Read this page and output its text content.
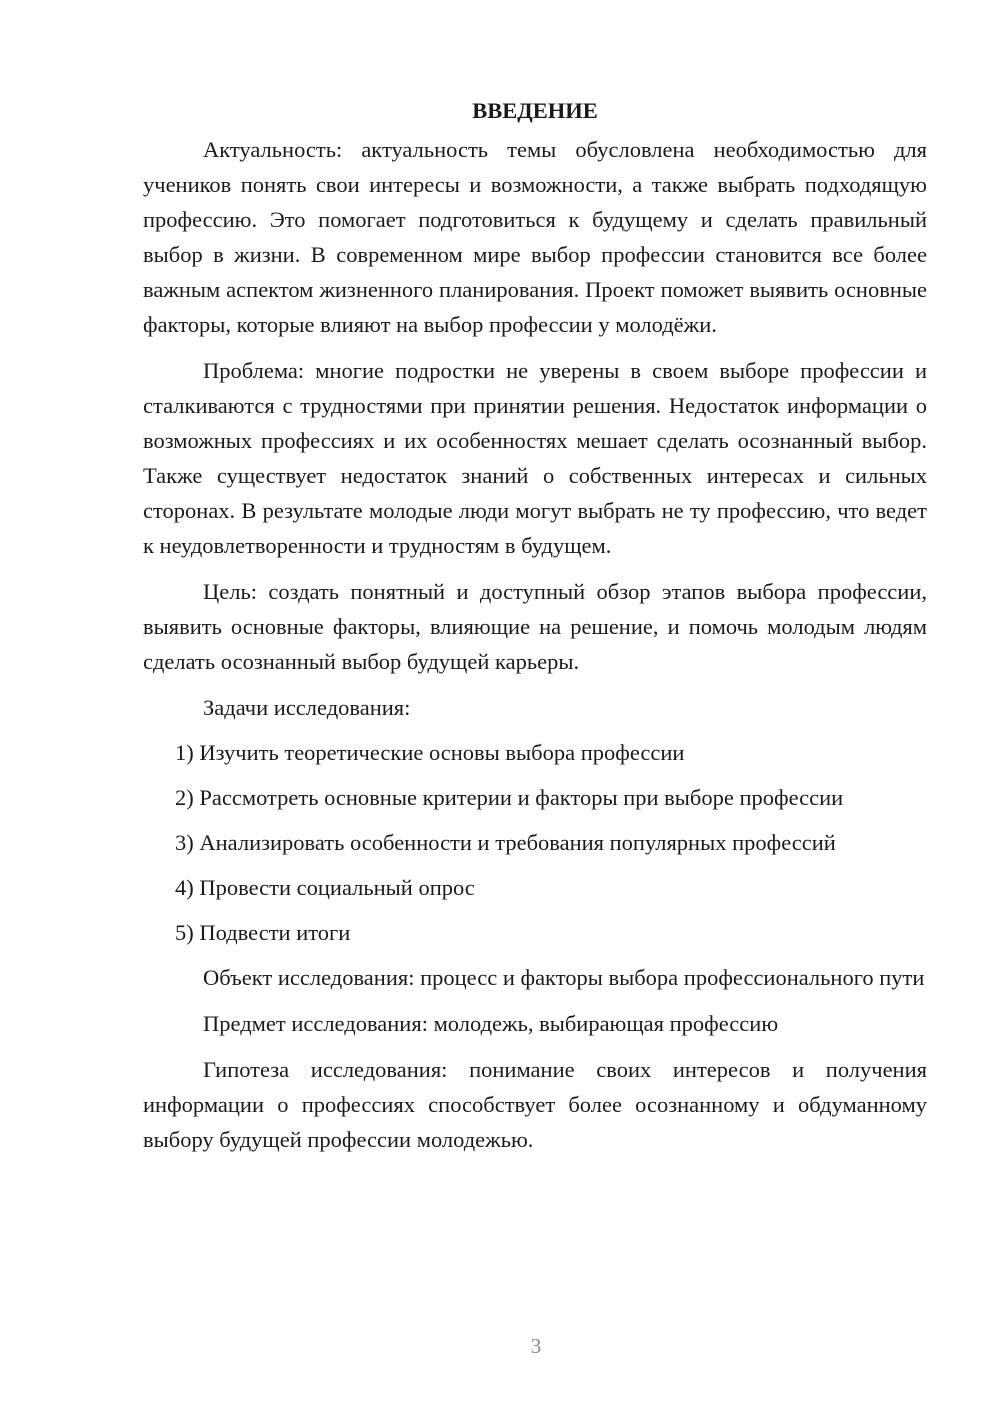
ВВЕДЕНИЕ

Актуальность: актуальность темы обусловлена необходимостью для учеников понять свои интересы и возможности, а также выбрать подходящую профессию. Это помогает подготовиться к будущему и сделать правильный выбор в жизни. В современном мире выбор профессии становится все более важным аспектом жизненного планирования. Проект поможет выявить основные факторы, которые влияют на выбор профессии у молодёжи.

Проблема: многие подростки не уверены в своем выборе профессии и сталкиваются с трудностями при принятии решения. Недостаток информации о возможных профессиях и их особенностях мешает сделать осознанный выбор. Также существует недостаток знаний о собственных интересах и сильных сторонах. В результате молодые люди могут выбрать не ту профессию, что ведет к неудовлетворенности и трудностям в будущем.

Цель: создать понятный и доступный обзор этапов выбора профессии, выявить основные факторы, влияющие на решение, и помочь молодым людям сделать осознанный выбор будущей карьеры.

Задачи исследования:
1) Изучить теоретические основы выбора профессии
2) Рассмотреть основные критерии и факторы при выборе профессии
3) Анализировать особенности и требования популярных профессий
4) Провести социальный опрос
5) Подвести итоги

Объект исследования: процесс и факторы выбора профессионального пути

Предмет исследования: молодежь, выбирающая профессию

Гипотеза исследования: понимание своих интересов и получения информации о профессиях способствует более осознанному и обдуманному выбору будущей профессии молодежью.

3
